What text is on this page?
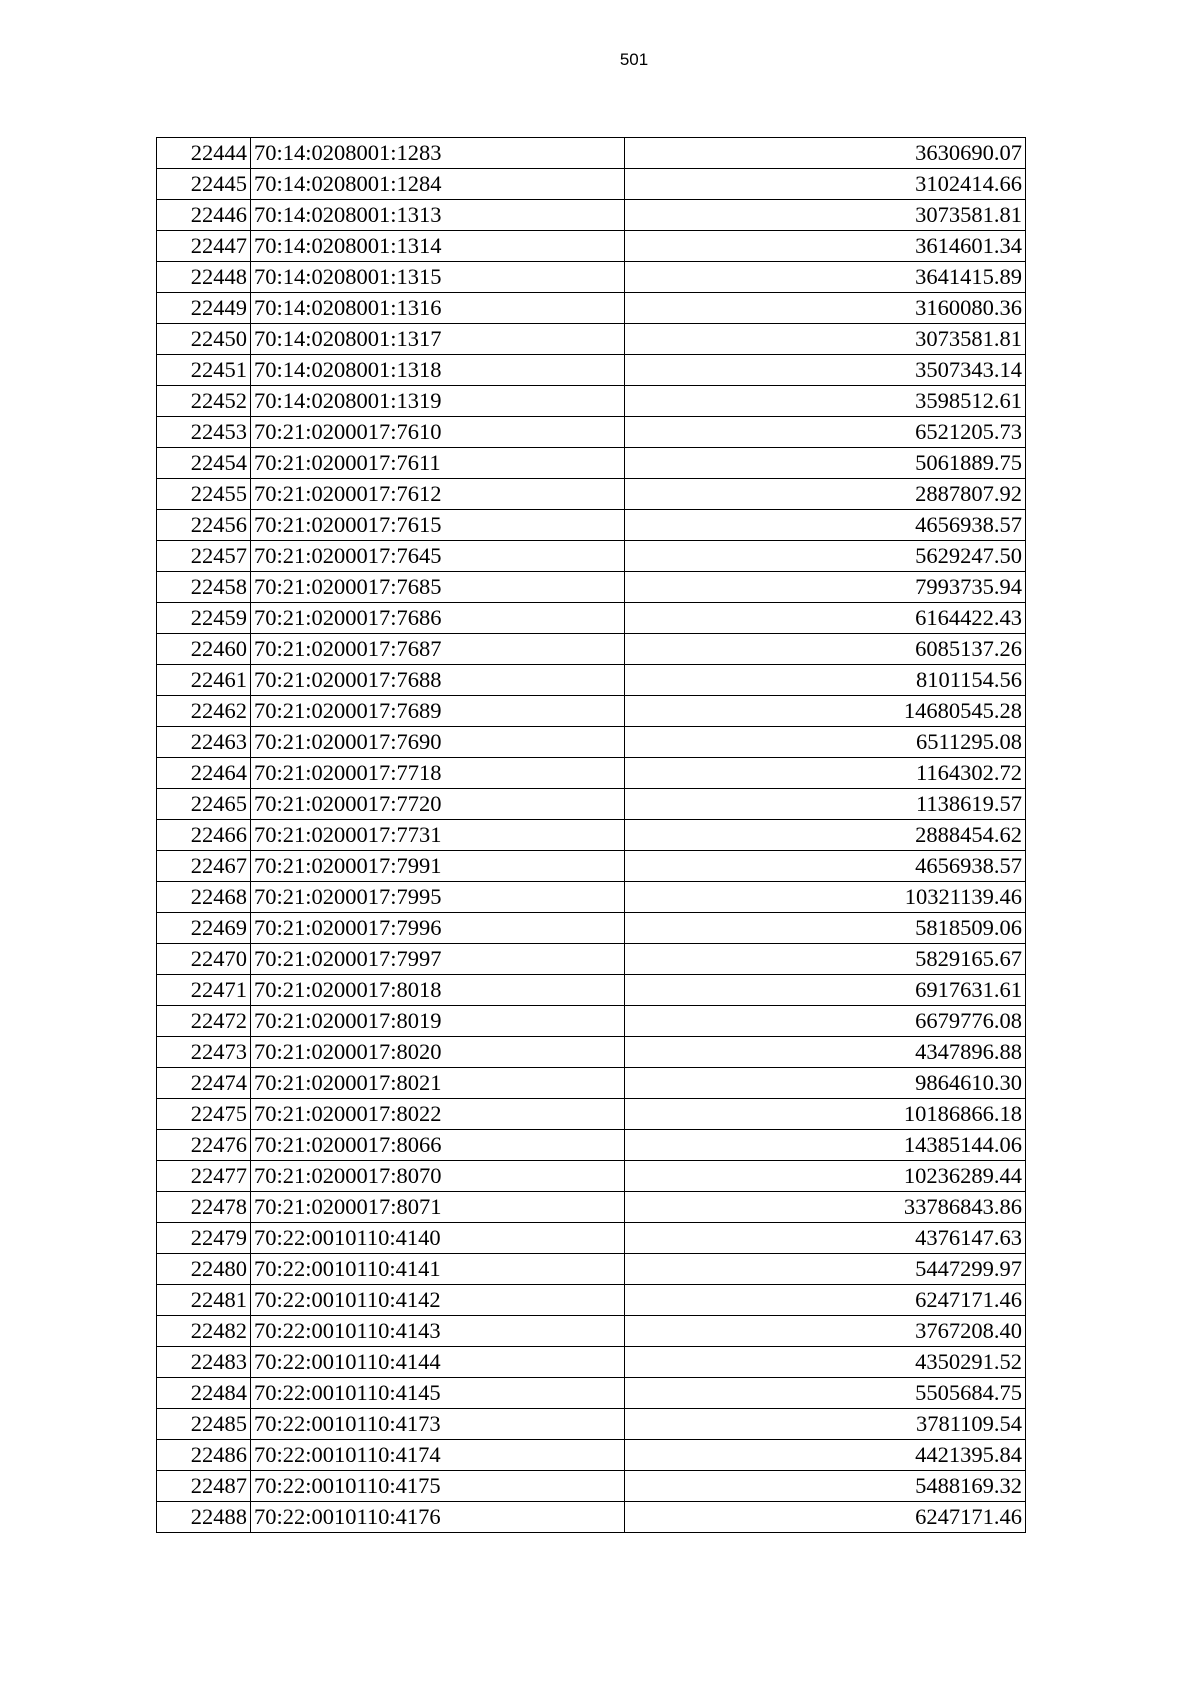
501
22444	70:14:0208001:1283	3630690.07
22445	70:14:0208001:1284	3102414.66
22446	70:14:0208001:1313	3073581.81
22447	70:14:0208001:1314	3614601.34
22448	70:14:0208001:1315	3641415.89
22449	70:14:0208001:1316	3160080.36
22450	70:14:0208001:1317	3073581.81
22451	70:14:0208001:1318	3507343.14
22452	70:14:0208001:1319	3598512.61
22453	70:21:0200017:7610	6521205.73
22454	70:21:0200017:7611	5061889.75
22455	70:21:0200017:7612	2887807.92
22456	70:21:0200017:7615	4656938.57
22457	70:21:0200017:7645	5629247.50
22458	70:21:0200017:7685	7993735.94
22459	70:21:0200017:7686	6164422.43
22460	70:21:0200017:7687	6085137.26
22461	70:21:0200017:7688	8101154.56
22462	70:21:0200017:7689	14680545.28
22463	70:21:0200017:7690	6511295.08
22464	70:21:0200017:7718	1164302.72
22465	70:21:0200017:7720	1138619.57
22466	70:21:0200017:7731	2888454.62
22467	70:21:0200017:7991	4656938.57
22468	70:21:0200017:7995	10321139.46
22469	70:21:0200017:7996	5818509.06
22470	70:21:0200017:7997	5829165.67
22471	70:21:0200017:8018	6917631.61
22472	70:21:0200017:8019	6679776.08
22473	70:21:0200017:8020	4347896.88
22474	70:21:0200017:8021	9864610.30
22475	70:21:0200017:8022	10186866.18
22476	70:21:0200017:8066	14385144.06
22477	70:21:0200017:8070	10236289.44
22478	70:21:0200017:8071	33786843.86
22479	70:22:0010110:4140	4376147.63
22480	70:22:0010110:4141	5447299.97
22481	70:22:0010110:4142	6247171.46
22482	70:22:0010110:4143	3767208.40
22483	70:22:0010110:4144	4350291.52
22484	70:22:0010110:4145	5505684.75
22485	70:22:0010110:4173	3781109.54
22486	70:22:0010110:4174	4421395.84
22487	70:22:0010110:4175	5488169.32
22488	70:22:0010110:4176	6247171.46
